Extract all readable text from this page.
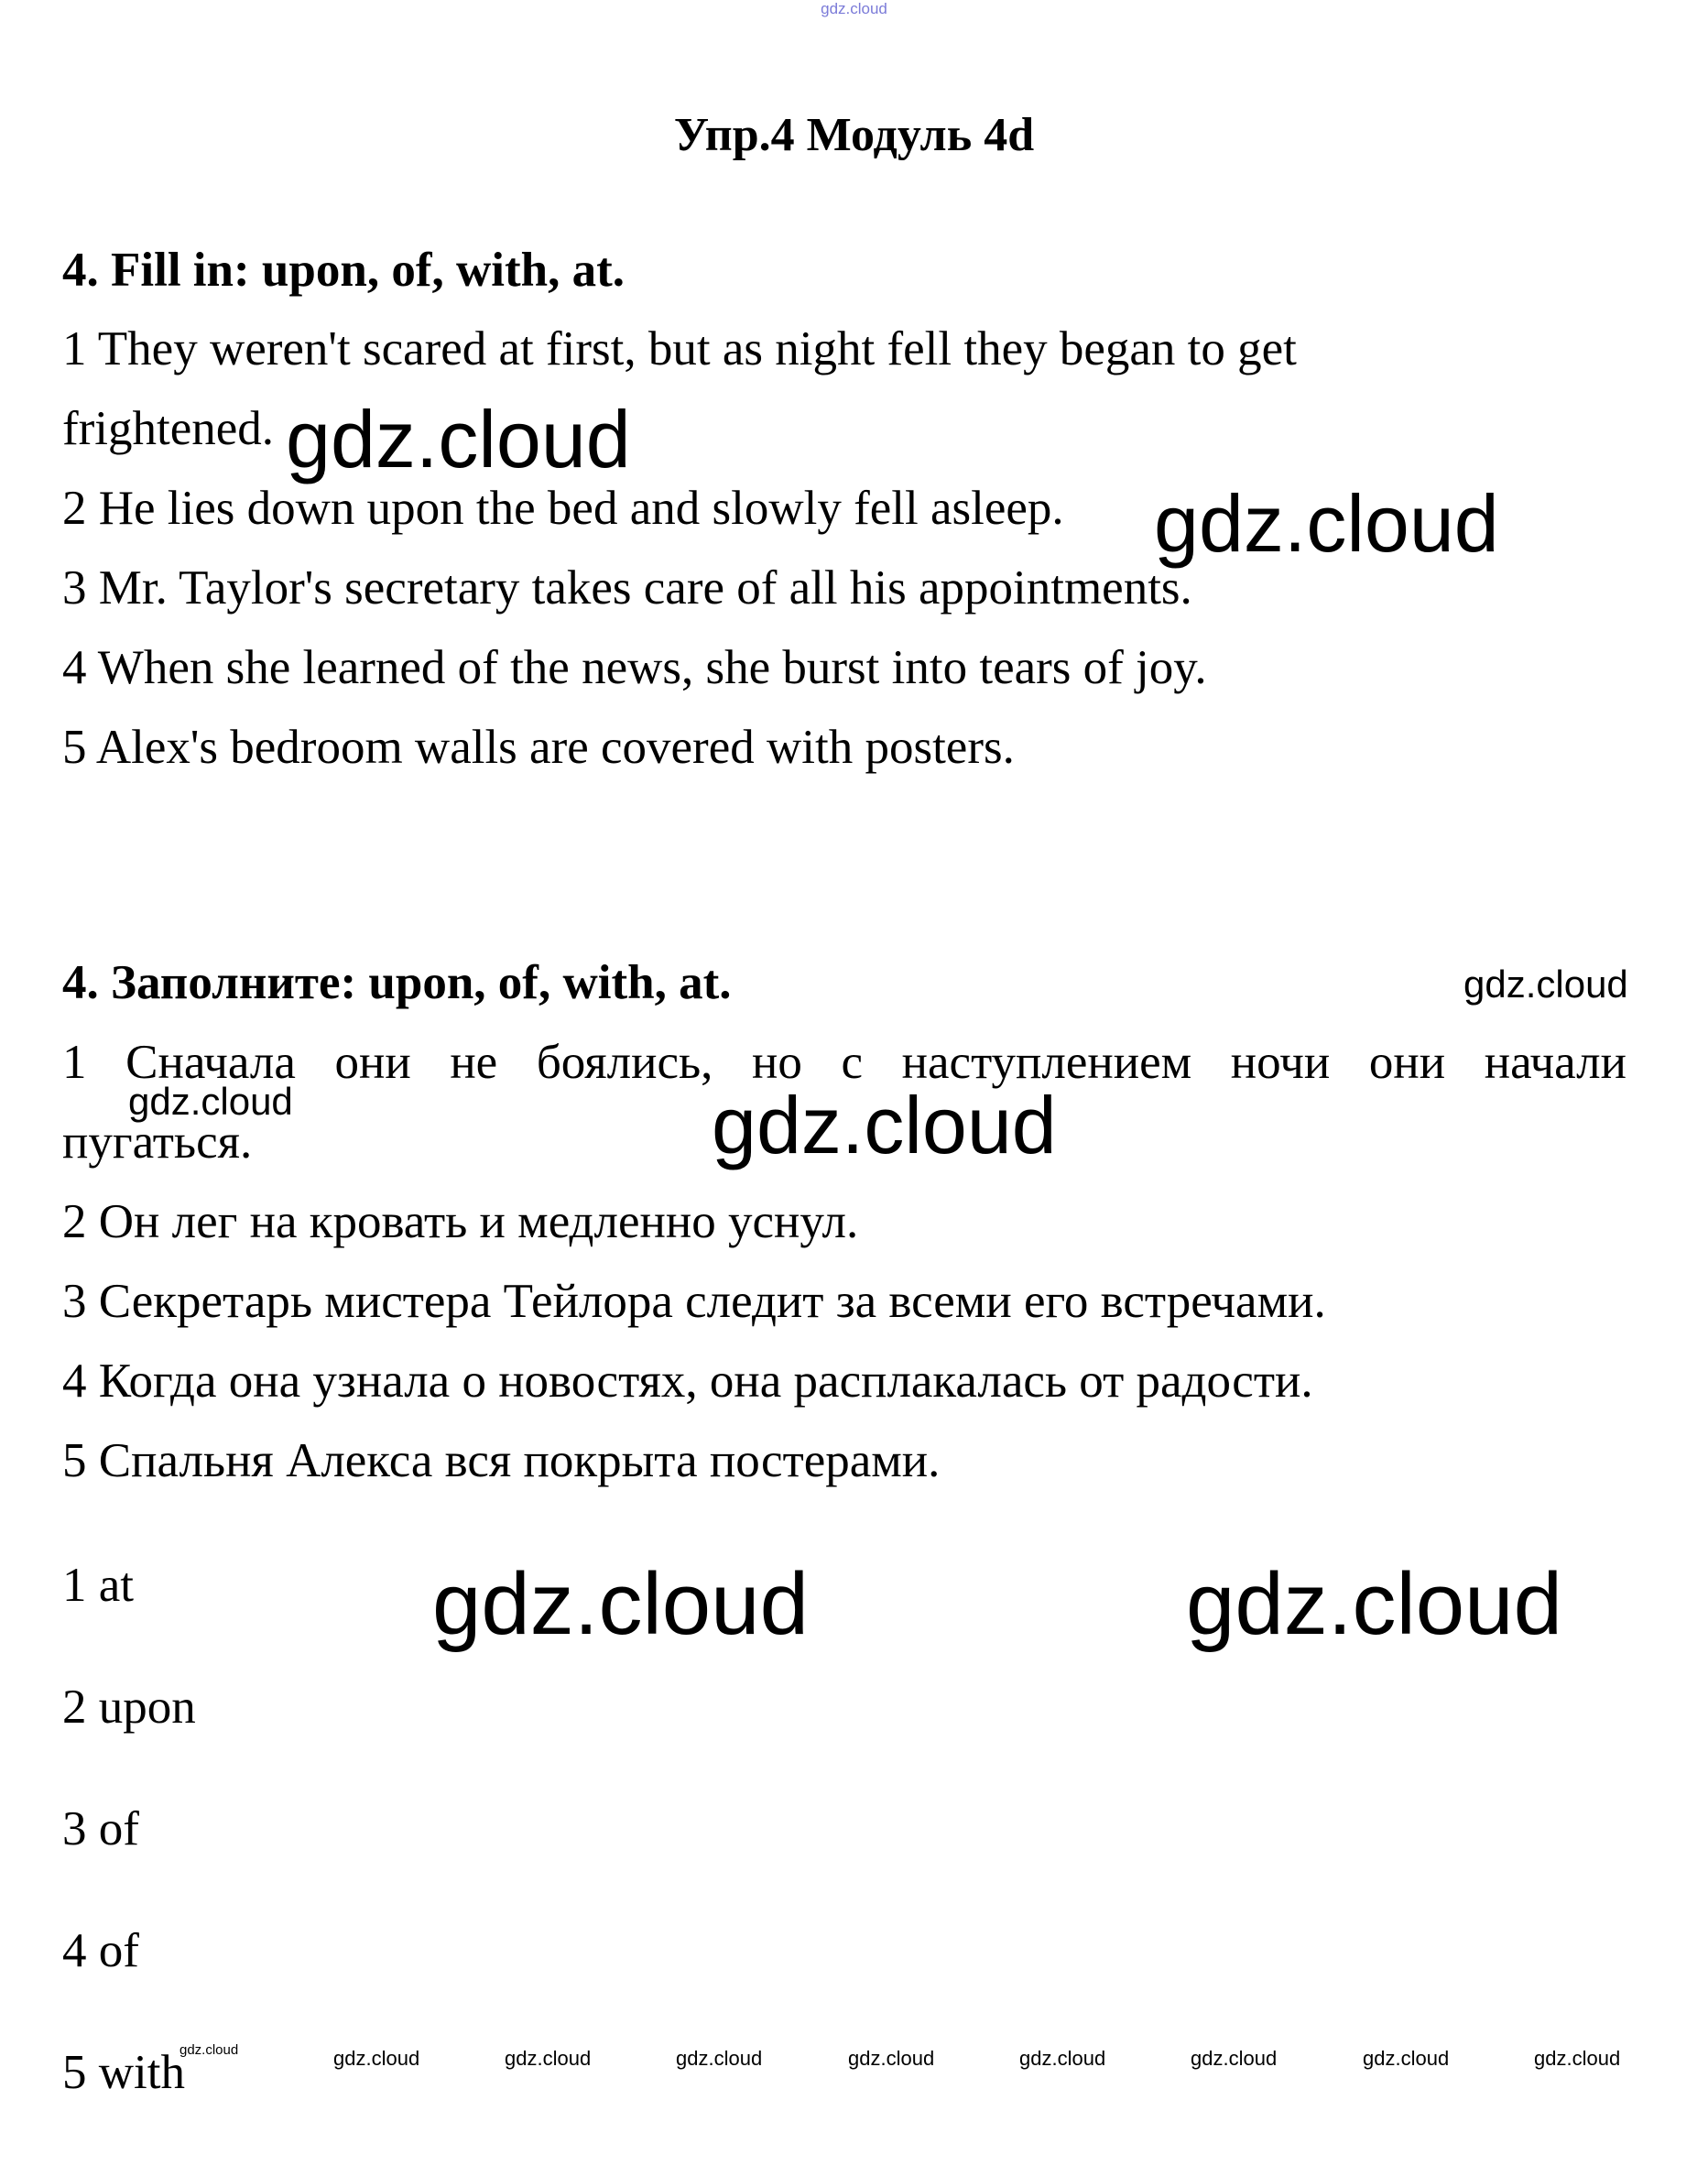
gdz.cloud
Упр.4 Модуль 4d
4. Fill in: upon, of, with, at.
1 They weren't scared at first, but as night fell they began to get
frightened.
2 He lies down upon the bed and slowly fell asleep.
3 Mr. Taylor's secretary takes care of all his appointments.
4 When she learned of the news, she burst into tears of joy.
5 Alex's bedroom walls are covered with posters.
4. Заполните: upon, of, with, at.
1 Сначала они не боялись, но с наступлением ночи они начали
пугаться.
2 Он лег на кровать и медленно уснул.
3 Секретарь мистера Тейлора следит за всеми его встречами.
4 Когда она узнала о новостях, она расплакалась от радости.
5 Спальня Алекса вся покрыта постерами.
1 at
2 upon
3 of
4 of
5 with
gdz.cloud
gdz.cloud
gdz.cloud
gdz.cloud	gdz.cloud
gdz.cloud	gdz.cloud
gdz.cloud	gdz.cloud	gdz.cloud	gdz.cloud	gdz.cloud	gdz.cloud	gdz.cloud	gdz.cloud	gdz.cloud
